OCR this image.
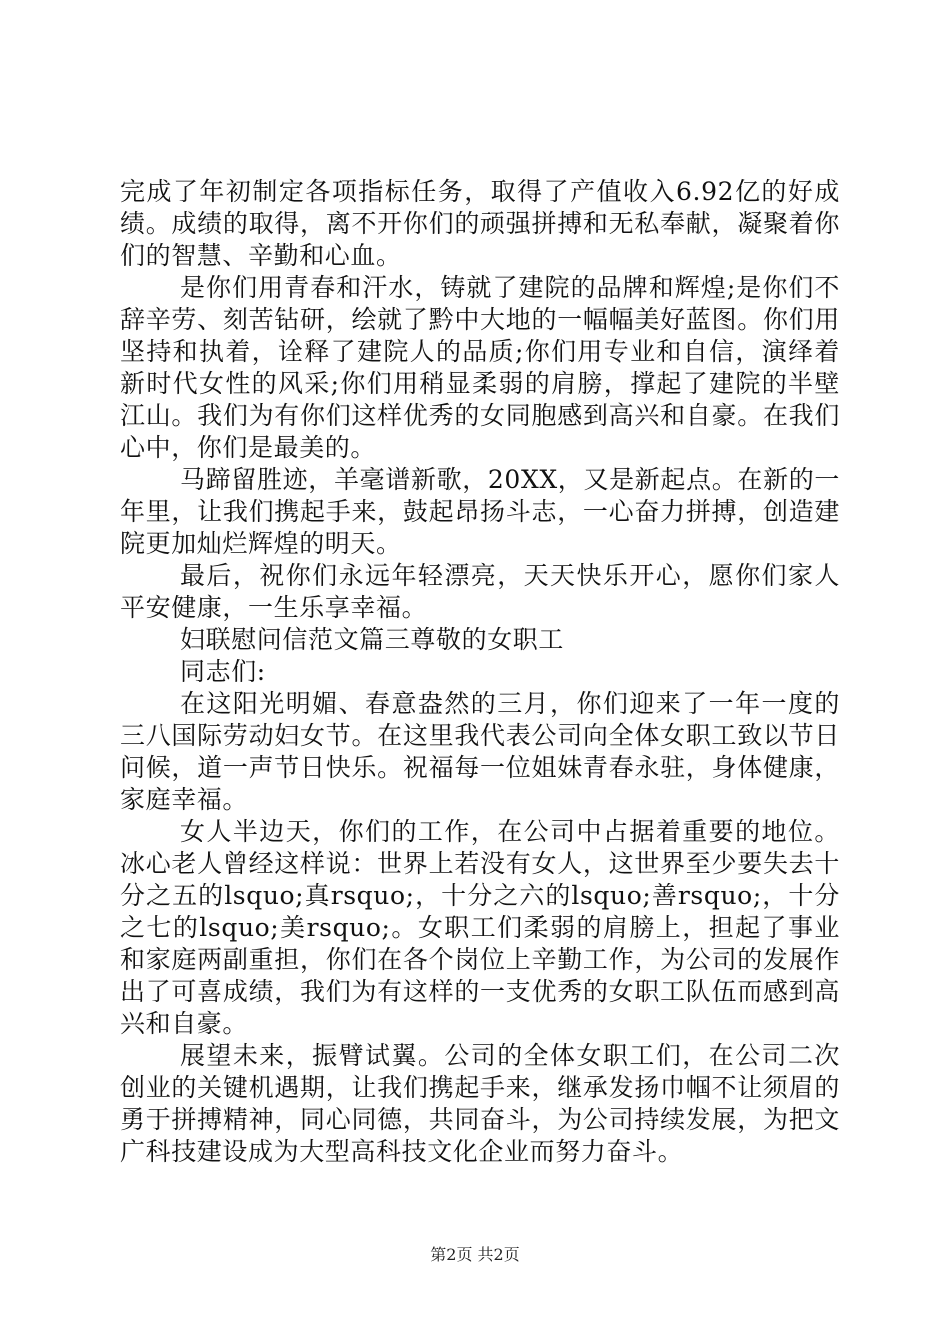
完成了年初制定各项指标任务，取得了产值收入6.92亿的好成绩。成绩的取得，离不开你们的顽强拼搏和无私奉献，凝聚着你们的智慧、辛勤和心血。

是你们用青春和汗水，铸就了建院的品牌和辉煌;是你们不辞辛劳、刻苦钻研，绘就了黔中大地的一幅幅美好蓝图。你们用坚持和执着，诠释了建院人的品质;你们用专业和自信，演绎着新时代女性的风采;你们用稍显柔弱的肩膀，撑起了建院的半壁江山。我们为有你们这样优秀的女同胞感到高兴和自豪。在我们心中，你们是最美的。

马蹄留胜迹，羊毫谱新歌，20XX，又是新起点。在新的一年里，让我们携起手来，鼓起昂扬斗志，一心奋力拼搏，创造建院更加灿烂辉煌的明天。

最后，祝你们永远年轻漂亮，天天快乐开心，愿你们家人平安健康，一生乐享幸福。

妇联慰问信范文篇三尊敬的女职工

同志们:

在这阳光明媚、春意盎然的三月，你们迎来了一年一度的三八国际劳动妇女节。在这里我代表公司向全体女职工致以节日问候，道一声节日快乐。祝福每一位姐妹青春永驻，身体健康，家庭幸福。

女人半边天，你们的工作，在公司中占据着重要的地位。冰心老人曾经这样说：世界上若没有女人，这世界至少要失去十分之五的lsquo;真rsquo;，十分之六的lsquo;善rsquo;，十分之七的lsquo;美rsquo;。女职工们柔弱的肩膀上，担起了事业和家庭两副重担，你们在各个岗位上辛勤工作，为公司的发展作出了可喜成绩，我们为有这样的一支优秀的女职工队伍而感到高兴和自豪。

展望未来，振臂试翼。公司的全体女职工们，在公司二次创业的关键机遇期，让我们携起手来，继承发扬巾帼不让须眉的勇于拼搏精神，同心同德，共同奋斗，为公司持续发展，为把文广科技建设成为大型高科技文化企业而努力奋斗。

第2页 共2页
